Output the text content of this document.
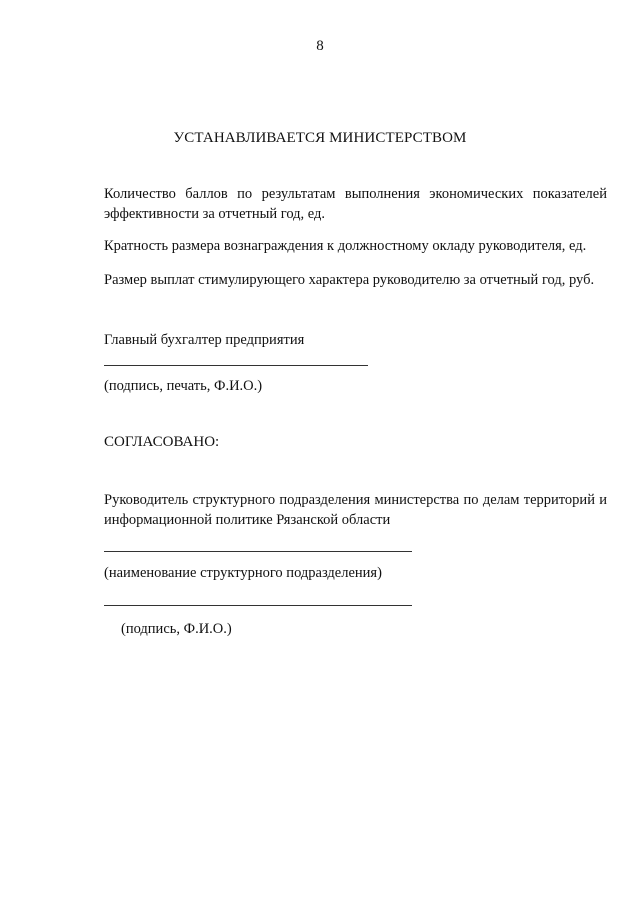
8
УСТАНАВЛИВАЕТСЯ МИНИСТЕРСТВОМ
Количество баллов по результатам выполнения экономических показателей эффективности за отчетный год, ед.
Кратность размера вознаграждения к должностному окладу руководителя, ед.
Размер выплат стимулирующего характера руководителю за отчетный год, руб.
Главный бухгалтер предприятия
(подпись, печать, Ф.И.О.)
СОГЛАСОВАНО:
Руководитель структурного подразделения министерства по делам территорий и информационной политике Рязанской области
(наименование структурного подразделения)
(подпись, Ф.И.О.)
